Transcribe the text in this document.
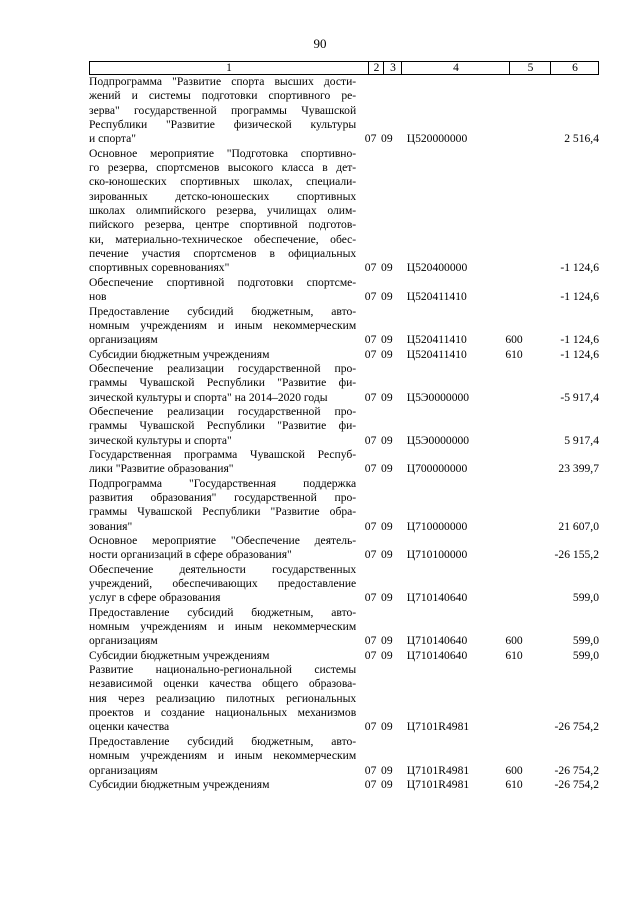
90
1	2 3	4	5	6
Подпрограмма "Развитие спорта высших дости-
жений и системы подготовки спортивного ре-
зерва" государственной программы Чувашской
Республики "Развитие физической культуры
и спорта"	07 09	Ц520000000	2 516,4
Основное мероприятие "Подготовка спортивно-
го резерва, спортсменов высокого класса в дет-
ско-юношеских спортивных школах, специали-
зированных детско-юношеских спортивных
школах олимпийского резерва, училищах олим-
пийского резерва, центре спортивной подготов-
ки, материально-техническое обеспечение, обес-
печение участия спортсменов в официальных
спортивных соревнованиях"	07 09	Ц520400000	-1 124,6
Обеспечение спортивной подготовки спортсме-
нов	07 09	Ц520411410	-1 124,6
Предоставление субсидий бюджетным, авто-
номным учреждениям и иным некоммерческим
организациям	07 09	Ц520411410	600	-1 124,6
Субсидии бюджетным учреждениям	07 09	Ц520411410	610	-1 124,6
Обеспечение реализации государственной про-
граммы Чувашской Республики "Развитие фи-
зической культуры и спорта" на 2014–2020 годы	07 09	Ц5Э0000000	-5 917,4
Обеспечение реализации государственной про-
граммы Чувашской Республики "Развитие фи-
зической культуры и спорта"	07 09	Ц5Э0000000	5 917,4
Государственная программа Чувашской Респуб-
лики "Развитие образования"	07 09	Ц700000000	23 399,7
Подпрограмма "Государственная поддержка
развития образования" государственной про-
граммы Чувашской Республики "Развитие обра-
зования"	07 09	Ц710000000	21 607,0
Основное мероприятие "Обеспечение деятель-
ности организаций в сфере образования"	07 09	Ц710100000	-26 155,2
Обеспечение деятельности государственных
учреждений, обеспечивающих предоставление
услуг в сфере образования	07 09	Ц710140640	599,0
Предоставление субсидий бюджетным, авто-
номным учреждениям и иным некоммерческим
организациям	07 09	Ц710140640	600	599,0
Субсидии бюджетным учреждениям	07 09	Ц710140640	610	599,0
Развитие национально-региональной системы
независимой оценки качества общего образова-
ния через реализацию пилотных региональных
проектов и создание национальных механизмов
оценки качества	07 09	Ц7101R4981	-26 754,2
Предоставление субсидий бюджетным, авто-
номным учреждениям и иным некоммерческим
организациям	07 09	Ц7101R4981	600	-26 754,2
Субсидии бюджетным учреждениям	07 09	Ц7101R4981	610	-26 754,2
